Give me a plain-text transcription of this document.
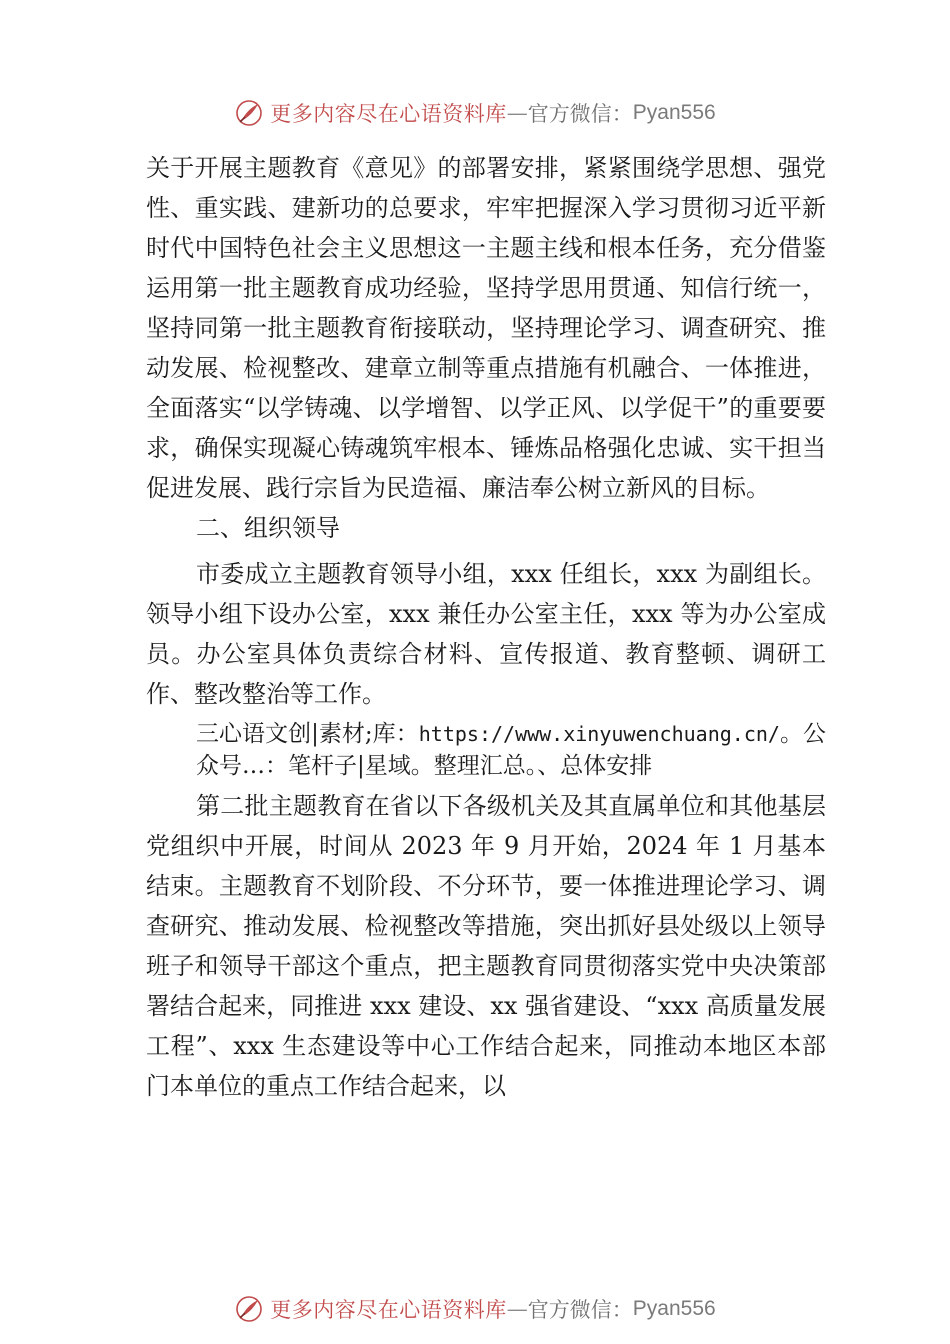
更多内容尽在心语资料库 — 官方微信： Pyan556

关于开展主题教育《意见》的部署安排，紧紧围绕学思想、强党性、重实践、建新功的总要求，牢牢把握深入学习贯彻习近平新时代中国特色社会主义思想这一主题主线和根本任务，充分借鉴运用第一批主题教育成功经验，坚持学思用贯通、知信行统一，坚持同第一批主题教育衔接联动，坚持理论学习、调查研究、推动发展、检视整改、建章立制等重点措施有机融合、一体推进，全面落实“以学铸魂、以学增智、以学正风、以学促干”的重要要求，确保实现凝心铸魂筑牢根本、锤炼品格强化忠诚、实干担当促进发展、践行宗旨为民造福、廉洁奉公树立新风的目标。

二、组织领导

市委成立主题教育领导小组，xxx 任组长，xxx 为副组长。领导小组下设办公室，xxx 兼任办公室主任，xxx 等为办公室成员。办公室具体负责综合材料、宣传报道、教育整顿、调研工作、整改整治等工作。

三心语文创|素材;库：https://www.xinyuwenchuang.cn/。公众号…：笔杆子|星域。整理汇总。、总体安排

第二批主题教育在省以下各级机关及其直属单位和其他基层党组织中开展，时间从 2023 年 9 月开始，2024 年 1 月基本结束。主题教育不划阶段、不分环节，要一体推进理论学习、调查研究、推动发展、检视整改等措施，突出抓好县处级以上领导班子和领导干部这个重点，把主题教育同贯彻落实党中央决策部署结合起来，同推进 xxx 建设、xx 强省建设、“xxx 高质量发展工程”、xxx 生态建设等中心工作结合起来，同推动本地区本部门本单位的重点工作结合起来，以

更多内容尽在心语资料库 — 官方微信： Pyan556
